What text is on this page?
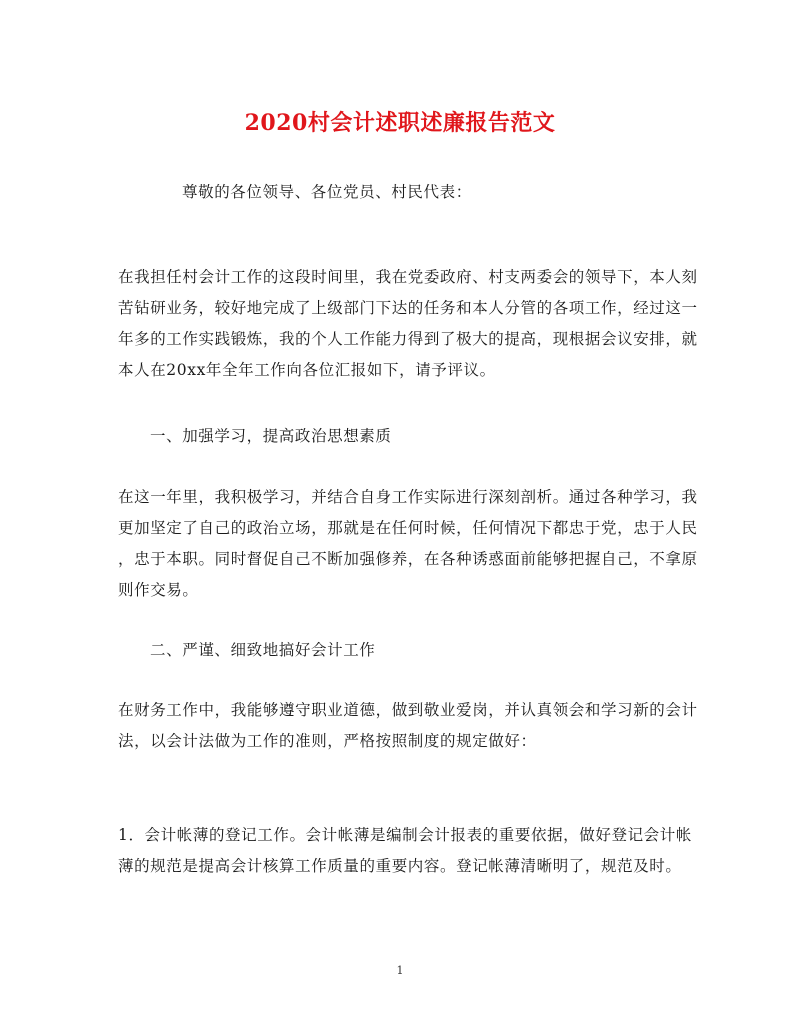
2020村会计述职述廉报告范文
尊敬的各位领导、各位党员、村民代表：
在我担任村会计工作的这段时间里，我在党委政府、村支两委会的领导下，本人刻
苦钻研业务，较好地完成了上级部门下达的任务和本人分管的各项工作，经过这一
年多的工作实践锻炼，我的个人工作能力得到了极大的提高，现根据会议安排，就
本人在20xx年全年工作向各位汇报如下，请予评议。
一、加强学习，提高政治思想素质
在这一年里，我积极学习，并结合自身工作实际进行深刻剖析。通过各种学习，我
更加坚定了自己的政治立场，那就是在任何时候，任何情况下都忠于党，忠于人民
，忠于本职。同时督促自己不断加强修养，在各种诱惑面前能够把握自己，不拿原
则作交易。
二、严谨、细致地搞好会计工作
在财务工作中，我能够遵守职业道德，做到敬业爱岗，并认真领会和学习新的会计
法，以会计法做为工作的准则，严格按照制度的规定做好：
1．会计帐薄的登记工作。会计帐薄是编制会计报表的重要依据，做好登记会计帐
薄的规范是提高会计核算工作质量的重要内容。登记帐薄清晰明了，规范及时。
1
